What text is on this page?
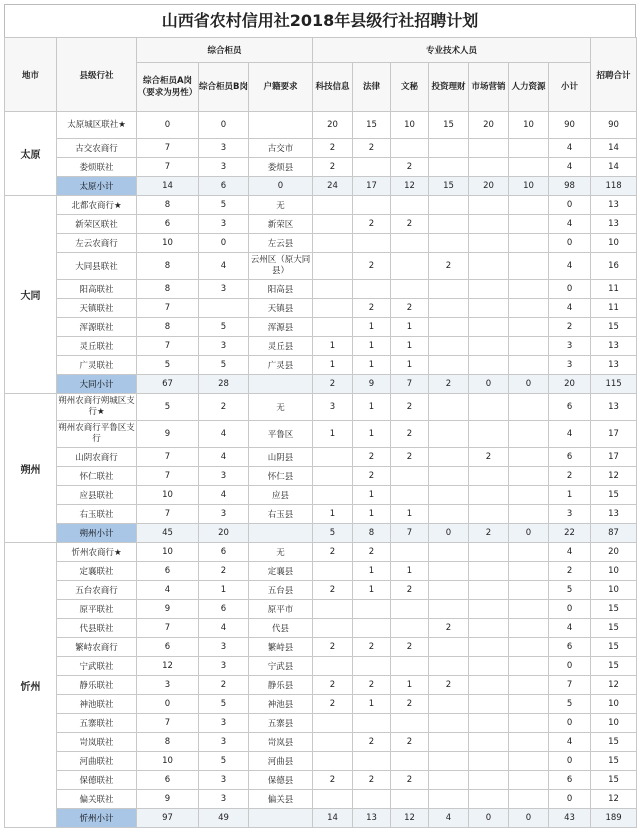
山西省农村信用社2018年县级行社招聘计划
地市	县级行社	综合柜员			专业技术人员							招聘合计
		综合柜员A岗（要求为男性）	综合柜员B岗	户籍要求	科技信息	法律	文秘	投资理财	市场营销	人力资源	小计	
太原	太原城区联社★	0	0		20	15	10	15	20	10	90	90
	古交农商行	7	3	古交市	2	2					4	14
	娄烦联社	7	3	娄烦县	2		2				4	14
	太原小计	14	6	0	24	17	12	15	20	10	98	118
大同	北都农商行★	8	5	无							0	13
	新荣区联社	6	3	新荣区		2	2				4	13
	左云农商行	10	0	左云县							0	10
	大同县联社	8	4	云州区（原大同县）		2		2			4	16
	阳高联社	8	3	阳高县							0	11
	天镇联社	7		天镇县		2	2				4	11
	浑源联社	8	5	浑源县		1	1				2	15
	灵丘联社	7	3	灵丘县	1	1	1				3	13
	广灵联社	5	5	广灵县	1	1	1				3	13
	大同小计	67	28		2	9	7	2	0	0	20	115
朔州	朔州农商行朔城区支行★	5	2	无	3	1	2				6	13
	朔州农商行平鲁区支行	9	4	平鲁区	1	1	2				4	17
	山阴农商行	7	4	山阴县		2	2		2		6	17
	怀仁联社	7	3	怀仁县		2					2	12
	应县联社	10	4	应县		1					1	15
	右玉联社	7	3	右玉县	1	1	1				3	13
	朔州小计	45	20		5	8	7	0	2	0	22	87
忻州	忻州农商行★	10	6	无	2	2					4	20
	定襄联社	6	2	定襄县		1	1				2	10
	五台农商行	4	1	五台县	2	1	2				5	10
	原平联社	9	6	原平市							0	15
	代县联社	7	4	代县				2			4	15
	繁峙农商行	6	3	繁峙县	2	2	2				6	15
	宁武联社	12	3	宁武县							0	15
	静乐联社	3	2	静乐县	2	2	1	2			7	12
	神池联社	0	5	神池县	2	1	2				5	10
	五寨联社	7	3	五寨县							0	10
	岢岚联社	8	3	岢岚县		2	2				4	15
	河曲联社	10	5	河曲县							0	15
	保德联社	6	3	保德县	2	2	2				6	15
	偏关联社	9	3	偏关县							0	12
	忻州小计	97	49		14	13	12	4	0	0	43	189
